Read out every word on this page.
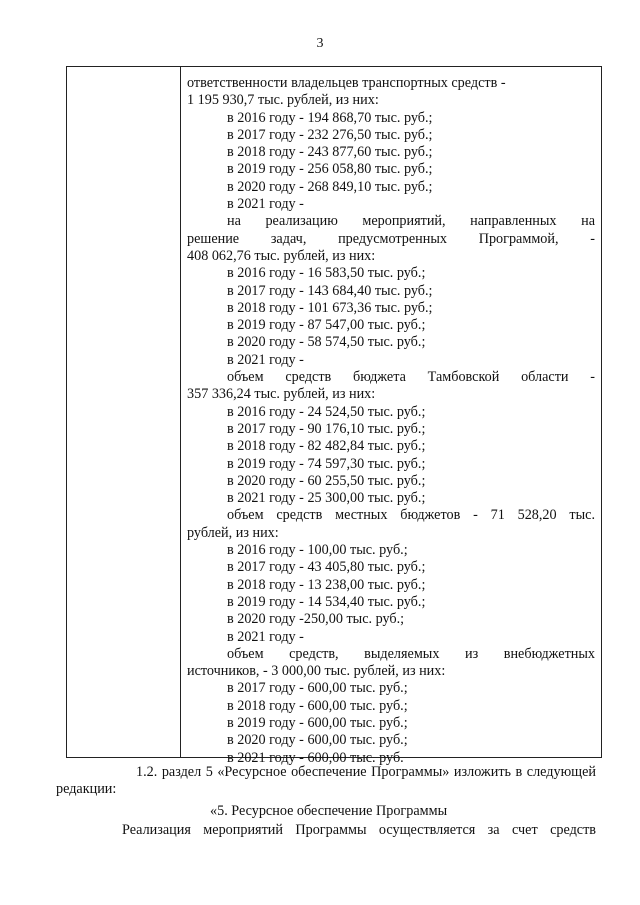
3
ответственности владельцев транспортных средств -
1 195 930,7 тыс. рублей, из них:
в 2016 году - 194 868,70 тыс. руб.;
в 2017 году - 232 276,50 тыс. руб.;
в 2018 году - 243 877,60 тыс. руб.;
в 2019 году - 256 058,80 тыс. руб.;
в 2020 году - 268 849,10 тыс. руб.;
в 2021 году -
на реализацию мероприятий, направленных на
решение задач, предусмотренных Программой, -
408 062,76 тыс. рублей, из них:
в 2016 году - 16 583,50 тыс. руб.;
в 2017 году - 143 684,40 тыс. руб.;
в 2018 году - 101 673,36 тыс. руб.;
в 2019 году - 87 547,00 тыс. руб.;
в 2020 году - 58 574,50 тыс. руб.;
в 2021 году -
объем средств бюджета Тамбовской области -
357 336,24 тыс. рублей, из них:
в 2016 году - 24 524,50 тыс. руб.;
в 2017 году - 90 176,10 тыс. руб.;
в 2018 году - 82 482,84 тыс. руб.;
в 2019 году - 74 597,30 тыс. руб.;
в 2020 году - 60 255,50 тыс. руб.;
в 2021 году - 25 300,00 тыс. руб.;
объем средств местных бюджетов - 71 528,20 тыс.
рублей, из них:
в 2016 году - 100,00 тыс. руб.;
в 2017 году - 43 405,80 тыс. руб.;
в 2018 году - 13 238,00 тыс. руб.;
в 2019 году - 14 534,40 тыс. руб.;
в 2020 году -250,00 тыс. руб.;
в 2021 году -
объем средств, выделяемых из внебюджетных
источников, - 3 000,00 тыс. рублей, из них:
в 2017 году - 600,00 тыс. руб.;
в 2018 году - 600,00 тыс. руб.;
в 2019 году - 600,00 тыс. руб.;
в 2020 году - 600,00 тыс. руб.;
в 2021 году - 600,00 тыс. руб.
1.2. раздел 5 «Ресурсное обеспечение Программы» изложить в следующей
редакции:
«5. Ресурсное обеспечение Программы
Реализация мероприятий Программы осуществляется за счет средств
